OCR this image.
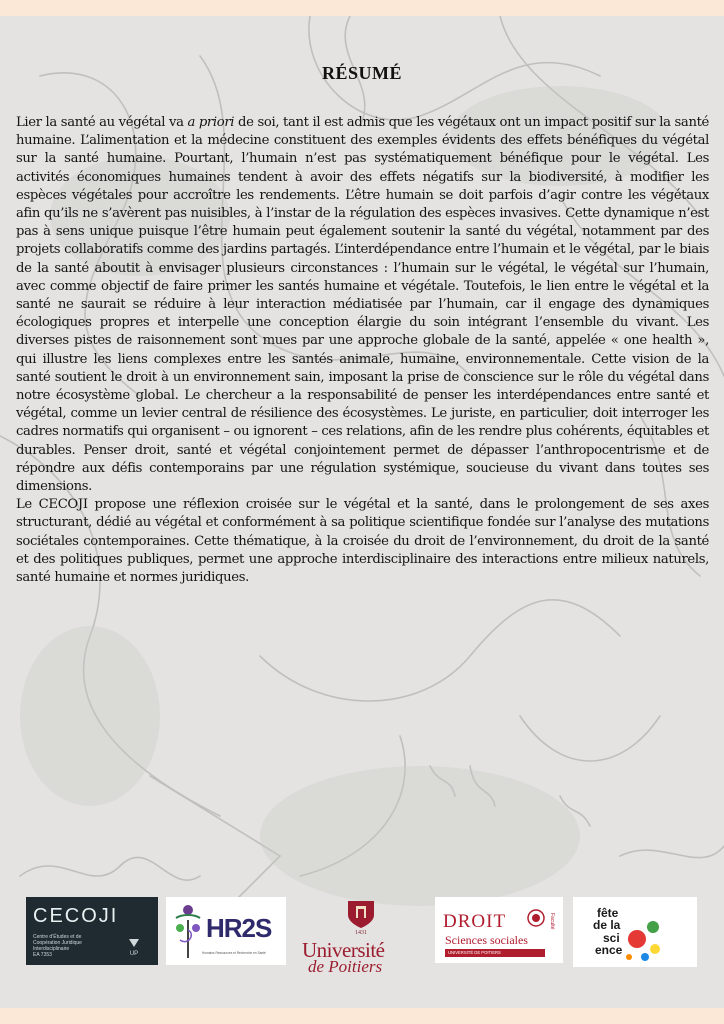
RÉSUMÉ

Lier la santé au végétal va a priori de soi, tant il est admis que les végétaux ont un impact positif sur la santé humaine. L’alimentation et la médecine constituent des exemples évidents des effets bénéfiques du végétal sur la santé humaine. Pourtant, l’humain n’est pas systématiquement bénéfique pour le végétal. Les activités économiques humaines tendent à avoir des effets négatifs sur la biodiversité, à modifier les espèces végétales pour accroître les rendements. L’être humain se doit parfois d’agir contre les végétaux afin qu’ils ne s’avèrent pas nuisibles, à l’instar de la régulation des espèces invasives. Cette dynamique n’est pas à sens unique puisque l’être humain peut également soutenir la santé du végétal, notamment par des projets collaboratifs comme des jardins partagés. L’interdépendance entre l’humain et le végétal, par le biais de la santé aboutit à envisager plusieurs circonstances : l’humain sur le végétal, le végétal sur l’humain, avec comme objectif de faire primer les santés humaine et végétale. Toutefois, le lien entre le végétal et la santé ne saurait se réduire à leur interaction médiatisée par l’humain, car il engage des dynamiques écologiques propres et interpelle une conception élargie du soin intégrant l’ensemble du vivant. Les diverses pistes de raisonnement sont mues par une approche globale de la santé, appelée « one health », qui illustre les liens complexes entre les santés animale, humaine, environnementale. Cette vision de la santé soutient le droit à un environnement sain, imposant la prise de conscience sur le rôle du végétal dans notre écosystème global. Le chercheur a la responsabilité de penser les interdépendances entre santé et végétal, comme un levier central de résilience des écosystèmes. Le juriste, en particulier, doit interroger les cadres normatifs qui organisent – ou ignorent – ces relations, afin de les rendre plus cohérents, équitables et durables. Penser droit, santé et végétal conjointement permet de dépasser l’anthropocentrisme et de répondre aux défis contemporains par une régulation systémique, soucieuse du vivant dans toutes ses dimensions.

Le CECOJI propose une réflexion croisée sur le végétal et la santé, dans le prolongement de ses axes structurant, dédié au végétal et conformément à sa politique scientifique fondée sur l’analyse des mutations sociétales contemporaines. Cette thématique, à la croisée du droit de l’environnement, du droit de la santé et des politiques publiques, permet une approche interdisciplinaire des interactions entre milieux naturels, santé humaine et normes juridiques.

CECOJI
Centre d’Études et de
Coopération Juridique
Interdisciplinaire
EA 7353	UP
HR2S
Humains Ressources et Recherche en Santé
1431
Université
de Poitiers
DROIT
Sciences sociales
UNIVERSITÉ DE POITIERS
Faculté	fête
de la
sci
ence
